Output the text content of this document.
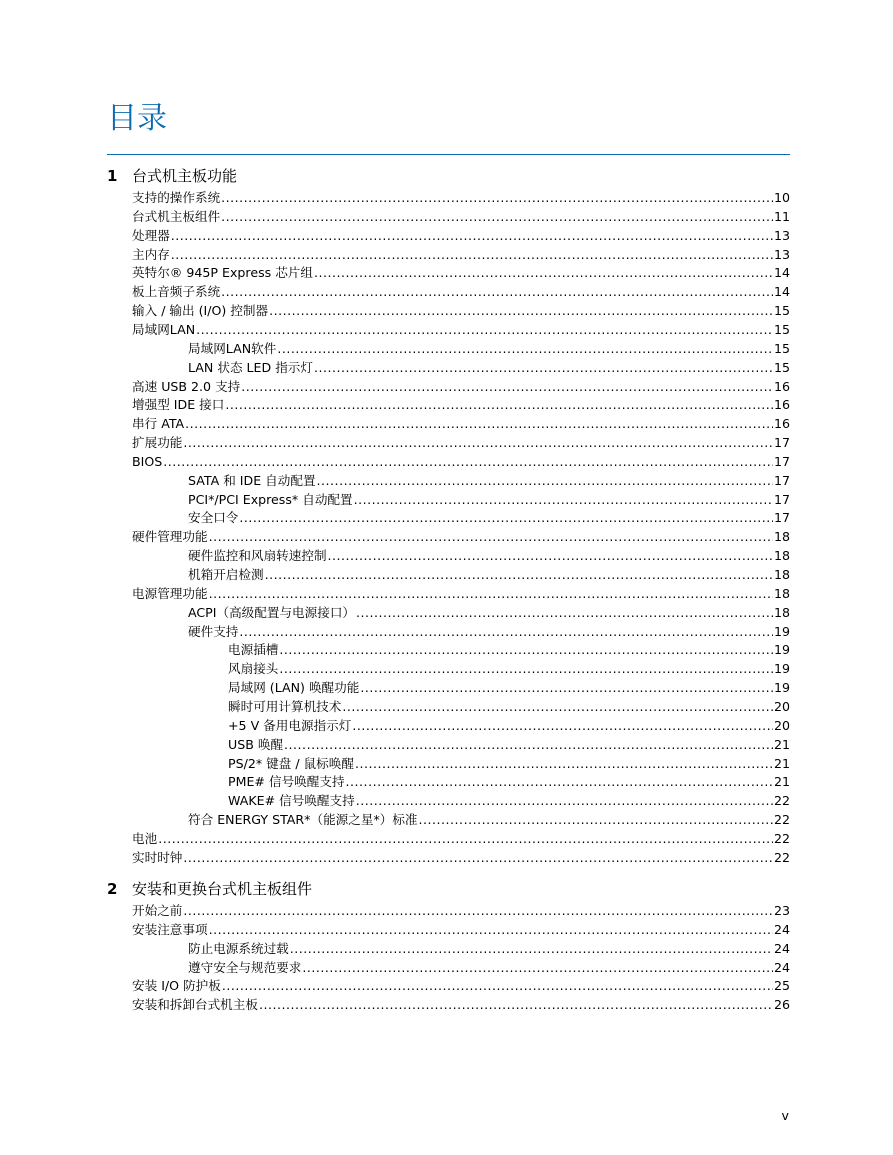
目录
1 台式机主板功能
支持的操作系统 .....	10
台式机主板组件 .....	11
处理器 .....	13
主内存 .....	13
英特尔® 945P Express 芯片组 .....	14
板上音频子系统 .....	14
输入 / 输出 (I/O) 控制器 .....	15
局域网LAN .....	15
局域网LAN软件 .....	15
LAN 状态 LED 指示灯 .....	15
高速 USB 2.0 支持 .....	16
增强型 IDE 接口 .....	16
串行 ATA .....	16
扩展功能 .....	17
BIOS .....	17
SATA 和 IDE 自动配置 .....	17
PCI*/PCI Express* 自动配置 .....	17
安全口令 .....	17
硬件管理功能 .....	18
硬件监控和风扇转速控制 .....	18
机箱开启检测 .....	18
电源管理功能 .....	18
ACPI（高级配置与电源接口） .....	18
硬件支持 .....	19
电源插槽 .....	19
风扇接头 .....	19
局域网 (LAN) 唤醒功能 .....	19
瞬时可用计算机技术 .....	20
+5 V 备用电源指示灯 .....	20
USB 唤醒 .....	21
PS/2* 键盘 / 鼠标唤醒 .....	21
PME# 信号唤醒支持 .....	21
WAKE# 信号唤醒支持 .....	22
符合 ENERGY STAR*（能源之星*）标准 .....	22
电池 .....	22
实时时钟 .....	22
2 安装和更换台式机主板组件
开始之前 .....	23
安装注意事项 .....	24
防止电源系统过载 .....	24
遵守安全与规范要求 .....	24
安装 I/O 防护板 .....	25
安装和拆卸台式机主板 .....	26
v
